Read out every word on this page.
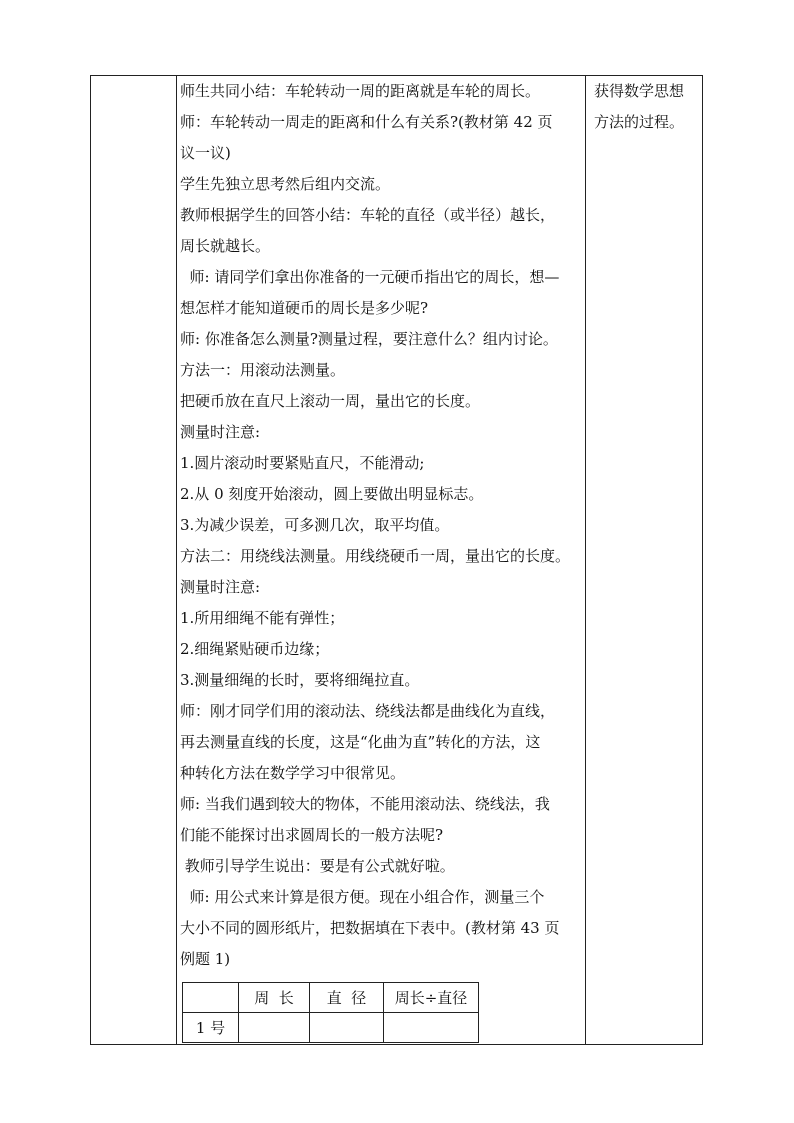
师生共同小结：车轮转动一周的距离就是车轮的周长。
师：车轮转动一周走的距离和什么有关系?(教材第 42 页
议一议)
学生先独立思考然后组内交流。
教师根据学生的回答小结：车轮的直径（或半径）越长，
周长就越长。
师: 请同学们拿出你准备的一元硬币指出它的周长，想—
想怎样才能知道硬币的周长是多少呢?
师: 你准备怎么测量?测量过程，要注意什么？组内讨论。
方法一：用滚动法测量。
把硬币放在直尺上滚动一周，量出它的长度。
测量时注意:
1.圆片滚动时要紧贴直尺，不能滑动;
2.从 0 刻度开始滚动，圆上要做出明显标志。
3.为减少误差，可多测几次，取平均值。
方法二：用绕线法测量。用线绕硬币一周，量出它的长度。
测量时注意:
1.所用细绳不能有弹性；
2.细绳紧贴硬币边缘；
3.测量细绳的长时，要将细绳拉直。
师：刚才同学们用的滚动法、绕线法都是曲线化为直线，
再去测量直线的长度，这是“化曲为直”转化的方法，这
种转化方法在数学学习中很常见。
师: 当我们遇到较大的物体，不能用滚动法、绕线法，我
们能不能探讨出求圆周长的一般方法呢?
教师引导学生说出：要是有公式就好啦。
师: 用公式来计算是很方便。现在小组合作，测量三个
大小不同的圆形纸片，把数据填在下表中。(教材第 43 页
例题 1)
获得数学思想
方法的过程。
	周  长	直  径	周长÷直径
1 号			
